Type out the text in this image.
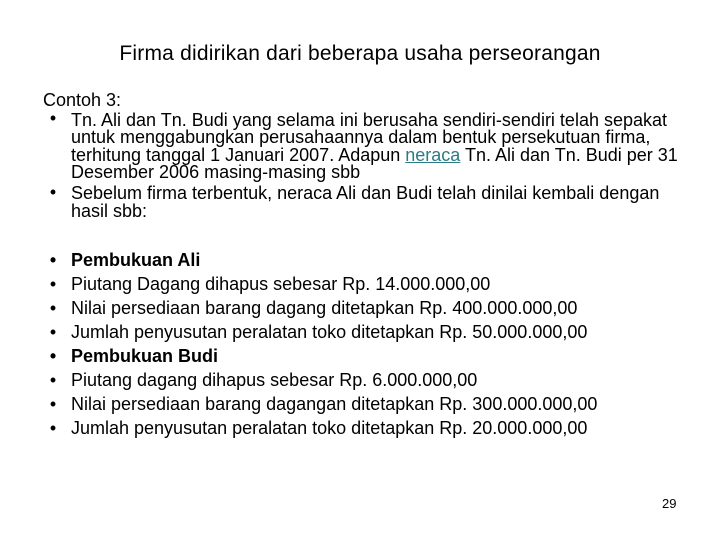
Firma didirikan dari beberapa usaha perseorangan
Contoh 3:
• Tn. Ali dan Tn. Budi yang selama ini berusaha sendiri-sendiri telah sepakat untuk menggabungkan perusahaannya dalam bentuk persekutuan firma, terhitung tanggal 1 Januari 2007. Adapun neraca Tn. Ali dan Tn. Budi per 31 Desember 2006 masing-masing sbb
• Sebelum firma terbentuk, neraca Ali dan Budi telah dinilai kembali dengan hasil sbb:
• Pembukuan Ali
• Piutang Dagang dihapus sebesar Rp. 14.000.000,00
• Nilai persediaan barang dagang ditetapkan Rp. 400.000.000,00
• Jumlah penyusutan peralatan toko ditetapkan Rp. 50.000.000,00
• Pembukuan Budi
• Piutang dagang dihapus sebesar Rp. 6.000.000,00
• Nilai persediaan barang dagangan ditetapkan Rp. 300.000.000,00
• Jumlah penyusutan peralatan toko ditetapkan Rp. 20.000.000,00
29
